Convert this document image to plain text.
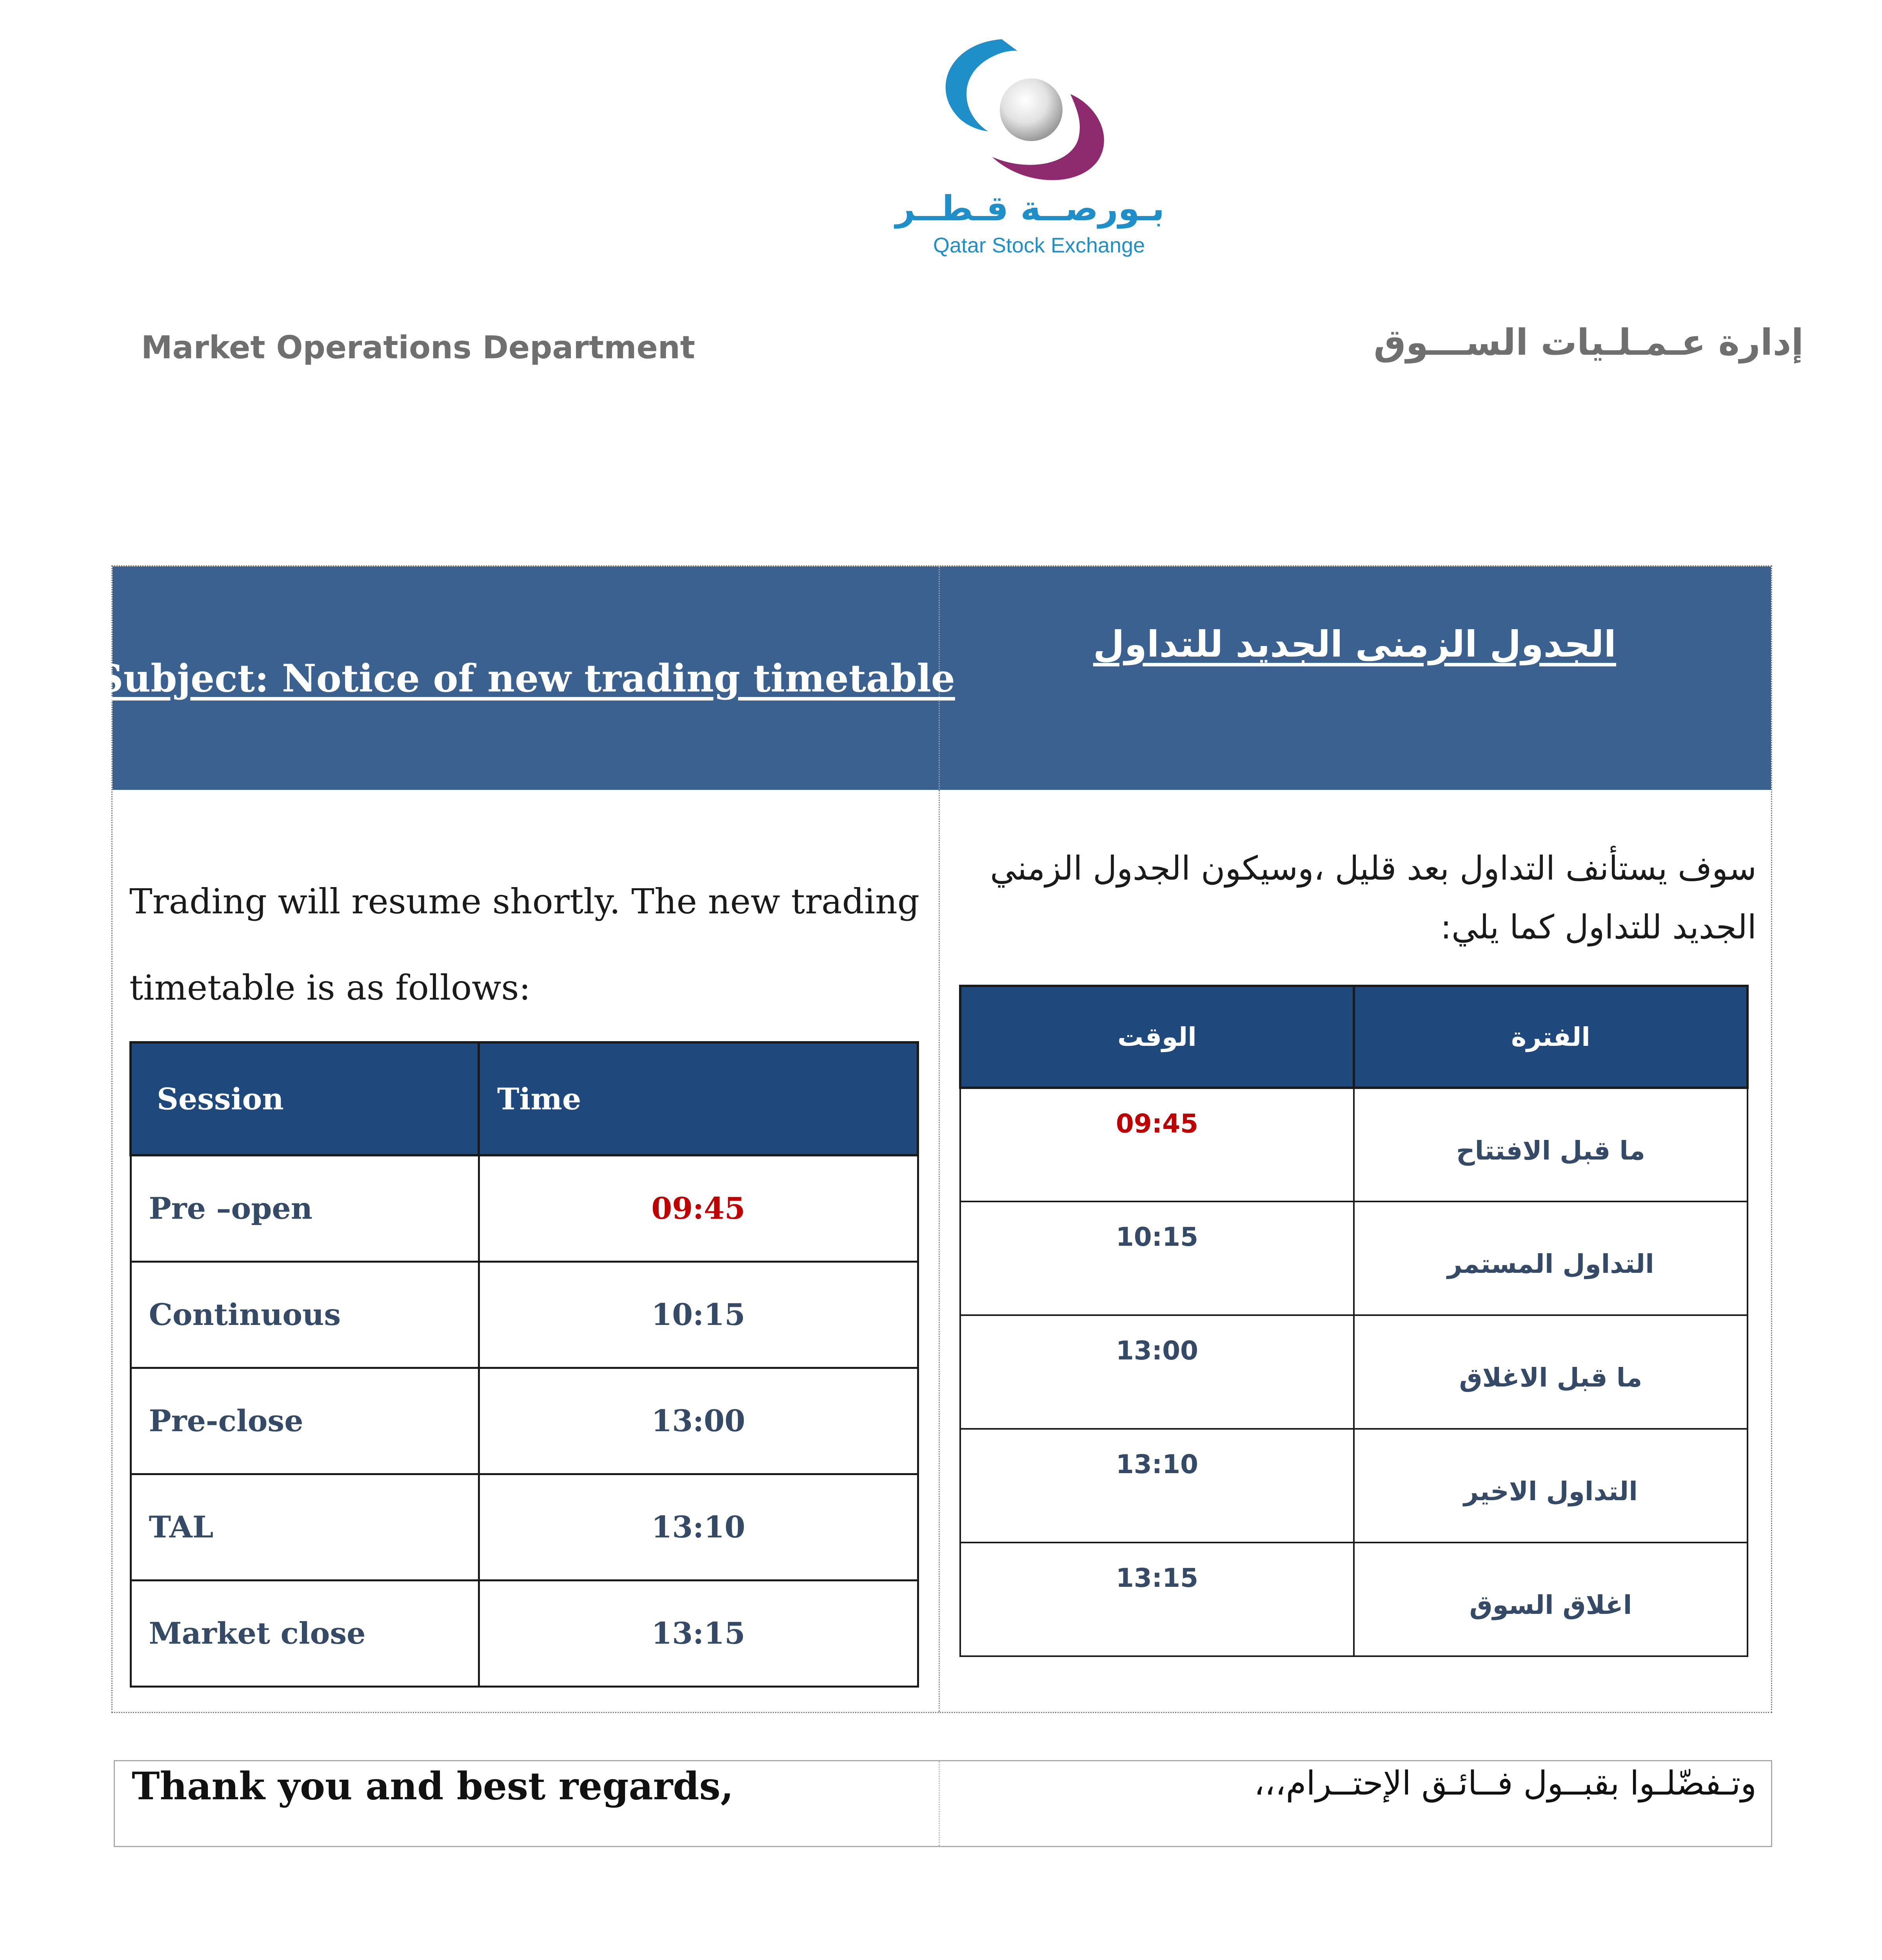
بـورصــة قـطــر
Qatar Stock Exchange
Market Operations Department	إدارة عـمـلـيات الســـوق
Subject: Notice of new trading timetable
الجدول الزمنى الجديد للتداول
Trading will resume shortly. The new trading timetable is as follows:
سوف يستأنف التداول بعد قليل ،وسيكون الجدول الزمني الجديد للتداول كما يلي:
Session	Time
Pre –open	09:45
Continuous	10:15
Pre-close	13:00
TAL	13:10
Market close	13:15
الوقت	الفترة
09:45	ما قبل الافتتاح
10:15	التداول المستمر
13:00	ما قبل الاغلاق
13:10	التداول الاخير
13:15	اغلاق السوق
Thank you and best regards,	وتـفضّلـوا بقبــول فــائـق الإحتــرام،،،
